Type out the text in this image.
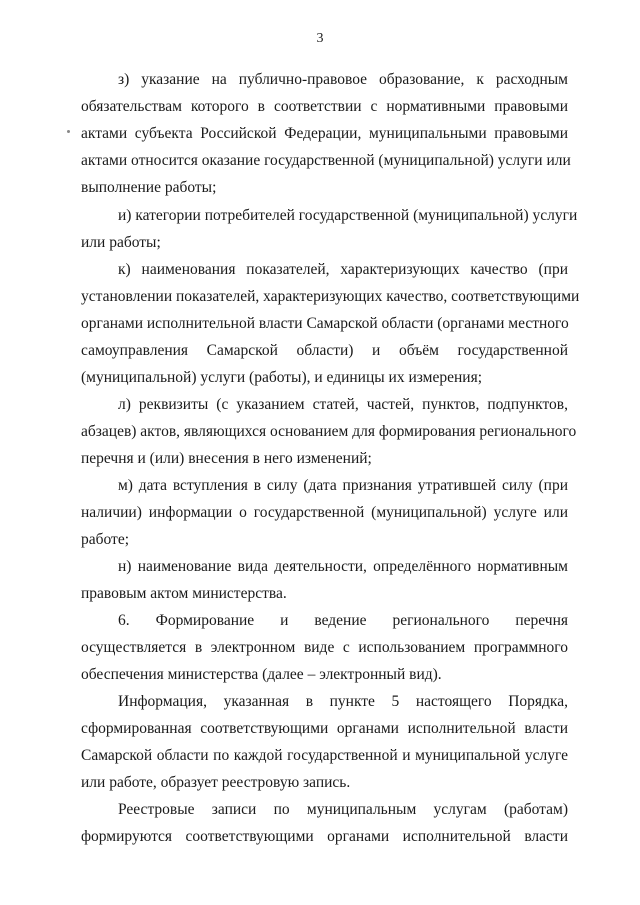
3
з) указание на публично-правовое образование, к расходным
обязательствам которого в соответствии с нормативными правовыми
актами субъекта Российской Федерации, муниципальными правовыми
актами относится оказание государственной (муниципальной) услуги или
выполнение работы;
и) категории потребителей государственной (муниципальной) услуги
или работы;
к) наименования показателей, характеризующих качество (при
установлении показателей, характеризующих качество, соответствующими
органами исполнительной власти Самарской области (органами местного
самоуправления Самарской области) и объём государственной
(муниципальной) услуги (работы), и единицы их измерения;
л) реквизиты (с указанием статей, частей, пунктов, подпунктов,
абзацев) актов, являющихся основанием для формирования регионального
перечня и (или) внесения в него изменений;
м) дата вступления в силу (дата признания утратившей силу (при
наличии) информации о государственной (муниципальной) услуге или
работе;
н) наименование вида деятельности, определённого нормативным
правовым актом министерства.
6. Формирование и ведение регионального перечня
осуществляется в электронном виде с использованием программного
обеспечения министерства (далее – электронный вид).
Информация, указанная в пункте 5 настоящего Порядка,
сформированная соответствующими органами исполнительной власти
Самарской области по каждой государственной и муниципальной услуге
или работе, образует реестровую запись.
Реестровые записи по муниципальным услугам (работам)
формируются соответствующими органами исполнительной власти
